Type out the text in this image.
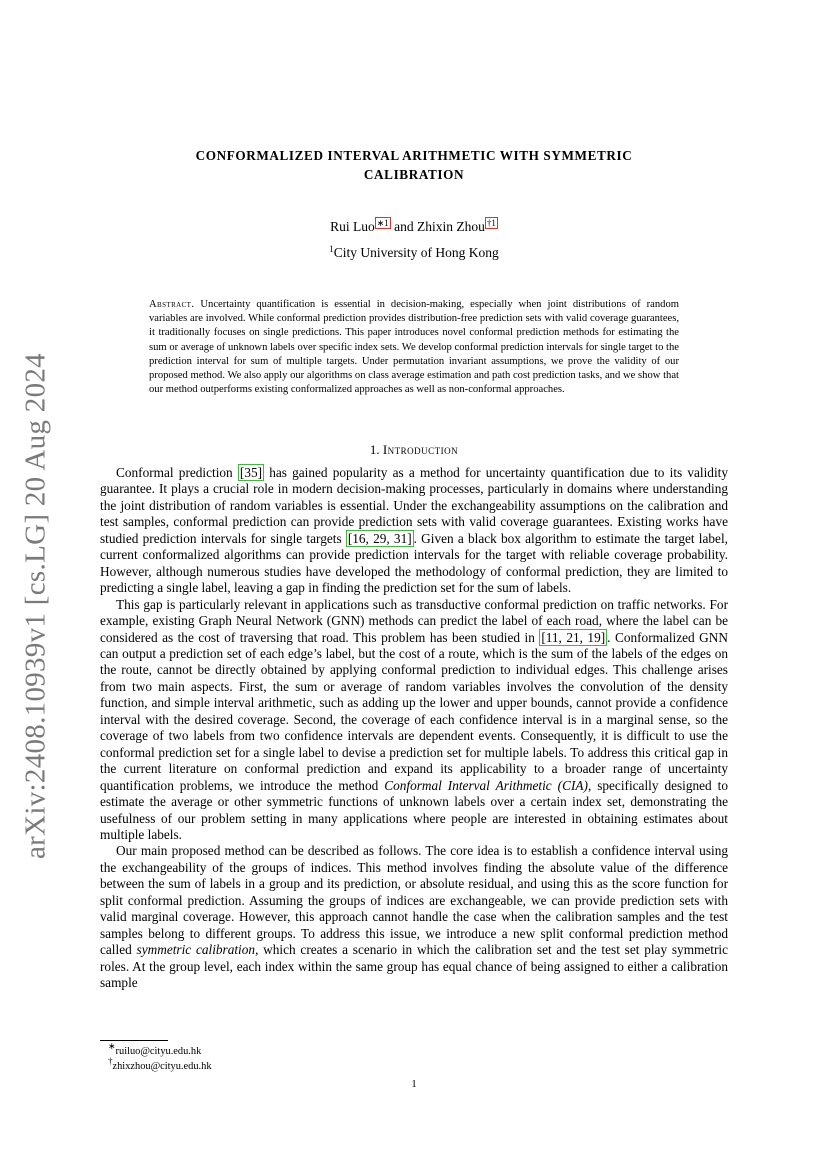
arXiv:2408.10939v1 [cs.LG] 20 Aug 2024
CONFORMALIZED INTERVAL ARITHMETIC WITH SYMMETRIC
CALIBRATION
Rui Luo $^{∗1}$ and Zhixin Zhou $^{\dagger 1}$
$^1$City University of Hong Kong
Abstract. Uncertainty quantification is essential in decision-making, especially when joint distributions of random variables are involved. While conformal prediction provides distribution-free prediction sets with valid coverage guarantees, it traditionally focuses on single predictions. This paper introduces novel conformal prediction methods for estimating the sum or average of unknown labels over specific index sets. We develop conformal prediction intervals for single target to the prediction interval for sum of multiple targets. Under permutation invariant assumptions, we prove the validity of our proposed method. We also apply our algorithms on class average estimation and path cost prediction tasks, and we show that our method outperforms existing conformalized approaches as well as non-conformal approaches.
1. Introduction

Conformal prediction [35] has gained popularity as a method for uncertainty quantification due to its validity guarantee. It plays a crucial role in modern decision-making processes, particularly in domains where understanding the joint distribution of random variables is essential. Under the exchangeability assumptions on the calibration and test samples, conformal prediction can provide prediction sets with valid coverage guarantees. Existing works have studied prediction intervals for single targets [16, 29, 31] . Given a black box algorithm to estimate the target label, current conformalized algorithms can provide prediction intervals for the target with reliable coverage probability. However, although numerous studies have developed the methodology of conformal prediction, they are limited to predicting a single label, leaving a gap in finding the prediction set for the sum of labels.

This gap is particularly relevant in applications such as transductive conformal prediction on traffic networks. For example, existing Graph Neural Network (GNN) methods can predict the label of each road, where the label can be considered as the cost of traversing that road. This problem has been studied in [11, 21, 19] . Conformalized GNN can output a prediction set of each edge’s label, but the cost of a route, which is the sum of the labels of the edges on the route, cannot be directly obtained by applying conformal prediction to individual edges. This challenge arises from two main aspects. First, the sum or average of random variables involves the convolution of the density function, and simple interval arithmetic, such as adding up the lower and upper bounds, cannot provide a confidence interval with the desired coverage. Second, the coverage of each confidence interval is in a marginal sense, so the coverage of two labels from two confidence intervals are dependent events. Consequently, it is difficult to use the conformal prediction set for a single label to devise a prediction set for multiple labels. To address this critical gap in the current literature on conformal prediction and expand its applicability to a broader range of uncertainty quantification problems, we introduce the method Conformal Interval Arithmetic (CIA), specifically designed to estimate the average or other symmetric functions of unknown labels over a certain index set, demonstrating the usefulness of our problem setting in many applications where people are interested in obtaining estimates about multiple labels.

Our main proposed method can be described as follows. The core idea is to establish a confidence interval using the exchangeability of the groups of indices. This method involves finding the absolute value of the difference between the sum of labels in a group and its prediction, or absolute residual, and using this as the score function for split conformal prediction. Assuming the groups of indices are exchangeable, we can provide prediction sets with valid marginal coverage. However, this approach cannot handle the case when the calibration samples and the test samples belong to different groups. To address this issue, we introduce a new split conformal prediction method called symmetric calibration, which creates a scenario in which the calibration set and the test set play symmetric roles. At the group level, each index within the same group has equal chance of being assigned to either a calibration sample

∗ruiluo@cityu.edu.hk
†zhixzhou@cityu.edu.hk
1
